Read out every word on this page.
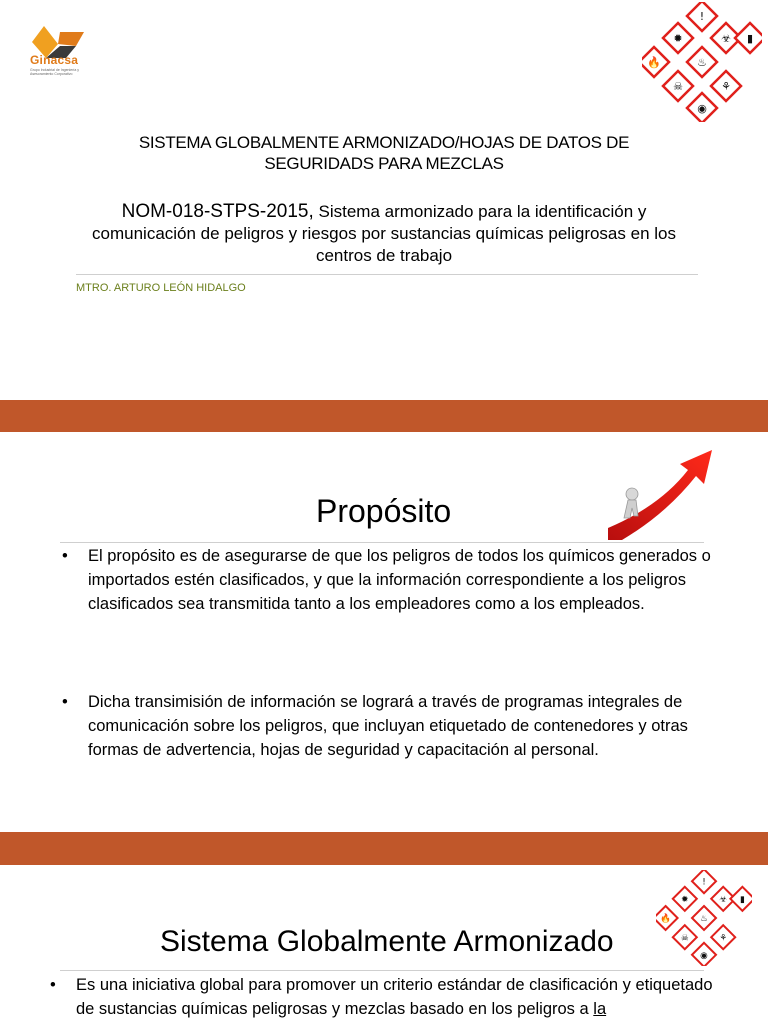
Ginacsa
Grupo Industrial de Ingeniería y Asesoramiento Corporativo
!
✹	☣ ▮
♨
🔥
☠	⚘
◉
SISTEMA GLOBALMENTE ARMONIZADO/HOJAS DE DATOS DE SEGURIDADS PARA MEZCLAS
NOM-018-STPS-2015, Sistema armonizado para la identificación y comunicación de peligros y riesgos por sustancias químicas peligrosas en los centros de trabajo
MTRO. ARTURO LEÓN HIDALGO
Propósito
• El propósito es de asegurarse de que los peligros de todos los químicos generados o importados estén clasificados, y que la información correspondiente a los peligros clasificados sea transmitida tanto a los empleadores como a los empleados.
• Dicha transimisión de información se logrará a través de programas integrales de comunicación sobre los peligros, que incluyan etiquetado de contenedores y otras formas de advertencia, hojas de seguridad y capacitación al personal.
!
✹	☣ ▮
♨
🔥
☠	⚘
◉
Sistema Globalmente Armonizado
• Es una iniciativa global para promover un criterio estándar de clasificación y etiquetado de sustancias químicas peligrosas y mezclas basado en los peligros a la
